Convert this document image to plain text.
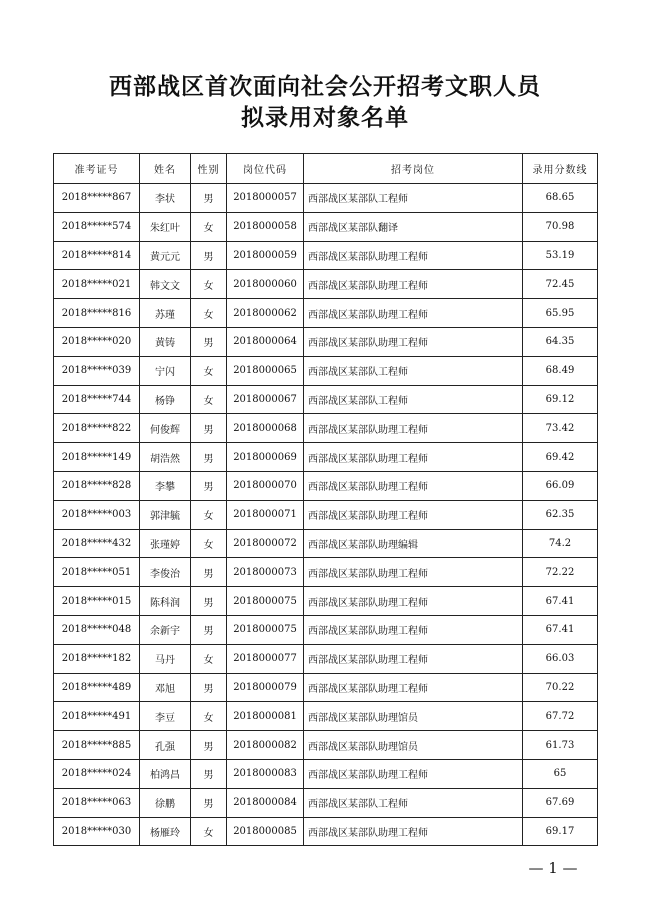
西部战区首次面向社会公开招考文职人员
拟录用对象名单
准考证号	姓名	性别	岗位代码	招考岗位	录用分数线
2018*****867	李状	男	2018000057	西部战区某部队工程师	68.65
2018*****574	朱红叶	女	2018000058	西部战区某部队翻译	70.98
2018*****814	黄元元	男	2018000059	西部战区某部队助理工程师	53.19
2018*****021	韩文文	女	2018000060	西部战区某部队助理工程师	72.45
2018*****816	苏瑾	女	2018000062	西部战区某部队助理工程师	65.95
2018*****020	黄铸	男	2018000064	西部战区某部队助理工程师	64.35
2018*****039	宁闪	女	2018000065	西部战区某部队工程师	68.49
2018*****744	杨铮	女	2018000067	西部战区某部队工程师	69.12
2018*****822	何俊辉	男	2018000068	西部战区某部队助理工程师	73.42
2018*****149	胡浩然	男	2018000069	西部战区某部队助理工程师	69.42
2018*****828	李攀	男	2018000070	西部战区某部队助理工程师	66.09
2018*****003	郭津毓	女	2018000071	西部战区某部队助理工程师	62.35
2018*****432	张瑾婷	女	2018000072	西部战区某部队助理编辑	74.2
2018*****051	李俊治	男	2018000073	西部战区某部队助理工程师	72.22
2018*****015	陈科润	男	2018000075	西部战区某部队助理工程师	67.41
2018*****048	余新宇	男	2018000075	西部战区某部队助理工程师	67.41
2018*****182	马丹	女	2018000077	西部战区某部队助理工程师	66.03
2018*****489	邓旭	男	2018000079	西部战区某部队助理工程师	70.22
2018*****491	李豆	女	2018000081	西部战区某部队助理馆员	67.72
2018*****885	孔强	男	2018000082	西部战区某部队助理馆员	61.73
2018*****024	柏鸿昌	男	2018000083	西部战区某部队助理工程师	65
2018*****063	徐鹏	男	2018000084	西部战区某部队工程师	67.69
2018*****030	杨雁玲	女	2018000085	西部战区某部队助理工程师	69.17
— 1 —
